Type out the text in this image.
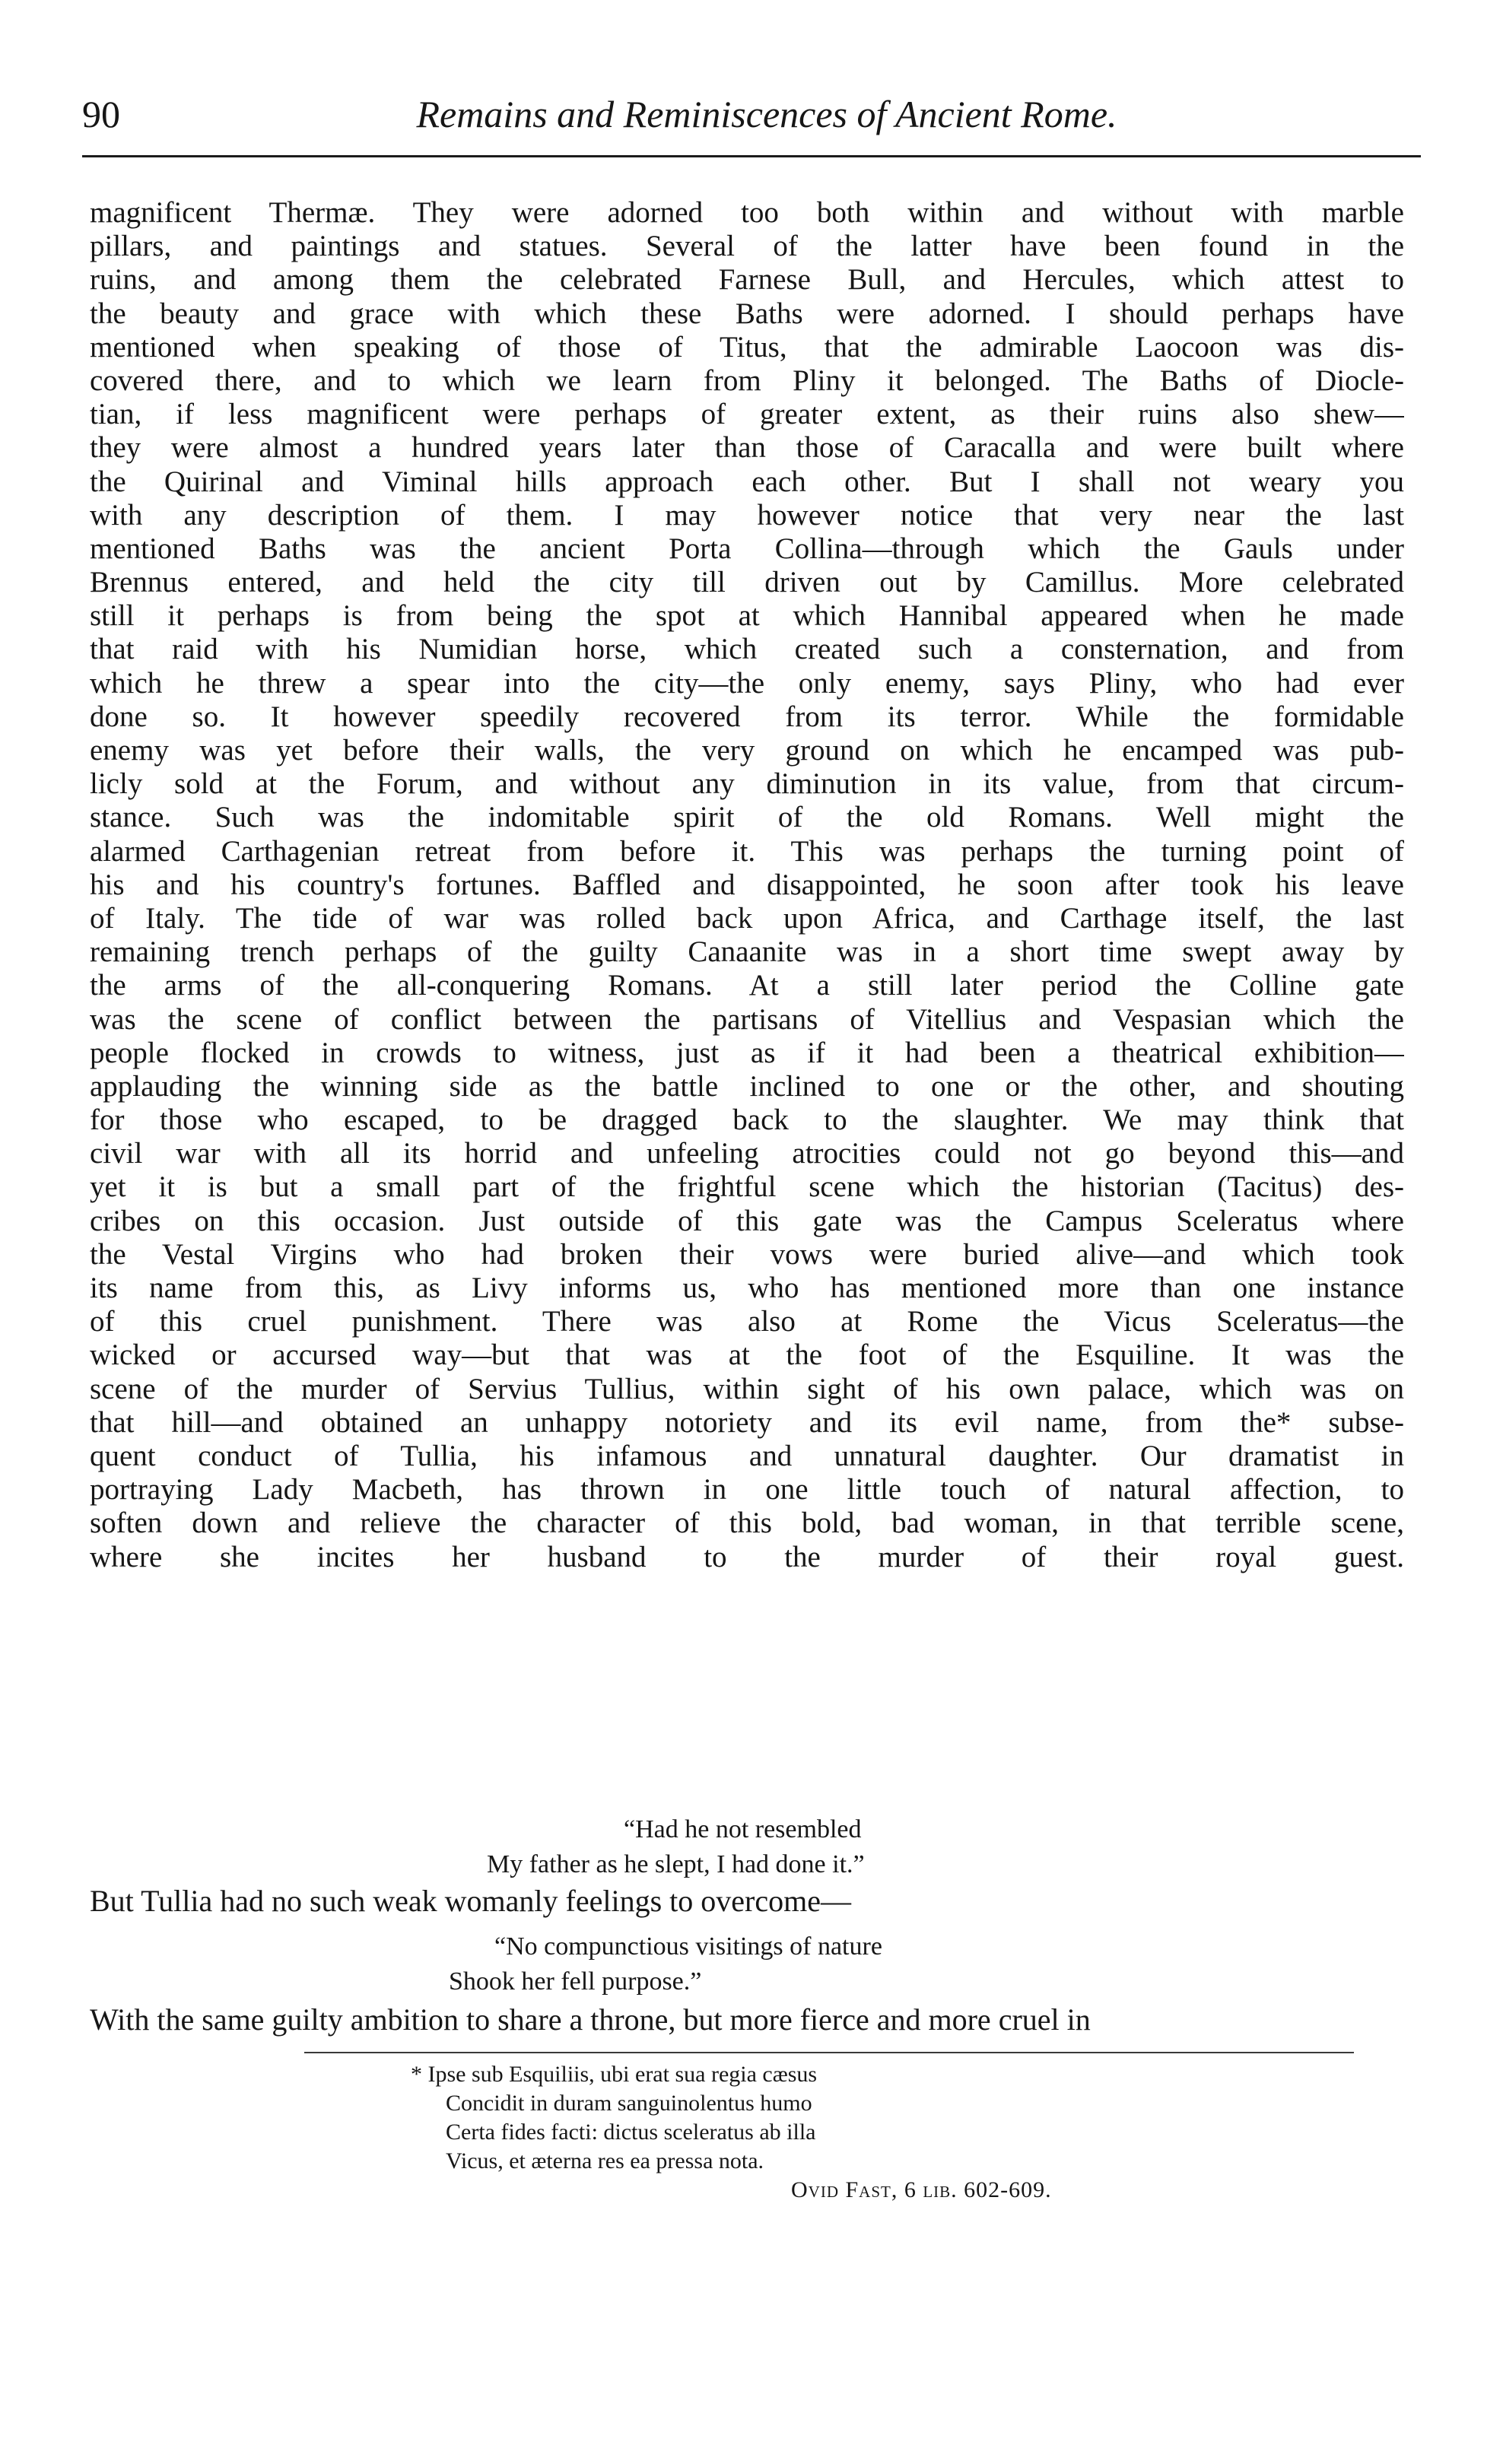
90	Remains and Reminiscences of Ancient Rome.
magnificent Thermæ. They were adorned too both within and without with marble
pillars, and paintings and statues. Several of the latter have been found in the
ruins, and among them the celebrated Farnese Bull, and Hercules, which attest to
the beauty and grace with which these Baths were adorned. I should perhaps have
mentioned when speaking of those of Titus, that the admirable Laocoon was dis-
covered there, and to which we learn from Pliny it belonged. The Baths of Diocle-
tian, if less magnificent were perhaps of greater extent, as their ruins also shew—
they were almost a hundred years later than those of Caracalla and were built where
the Quirinal and Viminal hills approach each other. But I shall not weary you
with any description of them. I may however notice that very near the last
mentioned Baths was the ancient Porta Collina—through which the Gauls under
Brennus entered, and held the city till driven out by Camillus. More celebrated
still it perhaps is from being the spot at which Hannibal appeared when he made
that raid with his Numidian horse, which created such a consternation, and from
which he threw a spear into the city—the only enemy, says Pliny, who had ever
done so. It however speedily recovered from its terror. While the formidable
enemy was yet before their walls, the very ground on which he encamped was pub-
licly sold at the Forum, and without any diminution in its value, from that circum-
stance. Such was the indomitable spirit of the old Romans. Well might the
alarmed Carthagenian retreat from before it. This was perhaps the turning point of
his and his country's fortunes. Baffled and disappointed, he soon after took his leave
of Italy. The tide of war was rolled back upon Africa, and Carthage itself, the last
remaining trench perhaps of the guilty Canaanite was in a short time swept away by
the arms of the all-conquering Romans. At a still later period the Colline gate
was the scene of conflict between the partisans of Vitellius and Vespasian which the
people flocked in crowds to witness, just as if it had been a theatrical exhibition—
applauding the winning side as the battle inclined to one or the other, and shouting
for those who escaped, to be dragged back to the slaughter. We may think that
civil war with all its horrid and unfeeling atrocities could not go beyond this—and
yet it is but a small part of the frightful scene which the historian (Tacitus) des-
cribes on this occasion. Just outside of this gate was the Campus Sceleratus where
the Vestal Virgins who had broken their vows were buried alive—and which took
its name from this, as Livy informs us, who has mentioned more than one instance
of this cruel punishment. There was also at Rome the Vicus Sceleratus—the
wicked or accursed way—but that was at the foot of the Esquiline. It was the
scene of the murder of Servius Tullius, within sight of his own palace, which was on
that hill—and obtained an unhappy notoriety and its evil name, from the* subse-
quent conduct of Tullia, his infamous and unnatural daughter. Our dramatist in
portraying Lady Macbeth, has thrown in one little touch of natural affection, to
soften down and relieve the character of this bold, bad woman, in that terrible scene,
where she incites her husband to the murder of their royal guest.
“Had he not resembled
My father as he slept, I had done it.”
But Tullia had no such weak womanly feelings to overcome—
“No compunctious visitings of nature
Shook her fell purpose.”
With the same guilty ambition to share a throne, but more fierce and more cruel in
* Ipse sub Esquiliis, ubi erat sua regia cæsus
Concidit in duram sanguinolentus humo
Certa fides facti: dictus sceleratus ab illa
Vicus, et æterna res ea pressa nota.
Ovid Fast, 6 lib. 602-609.
